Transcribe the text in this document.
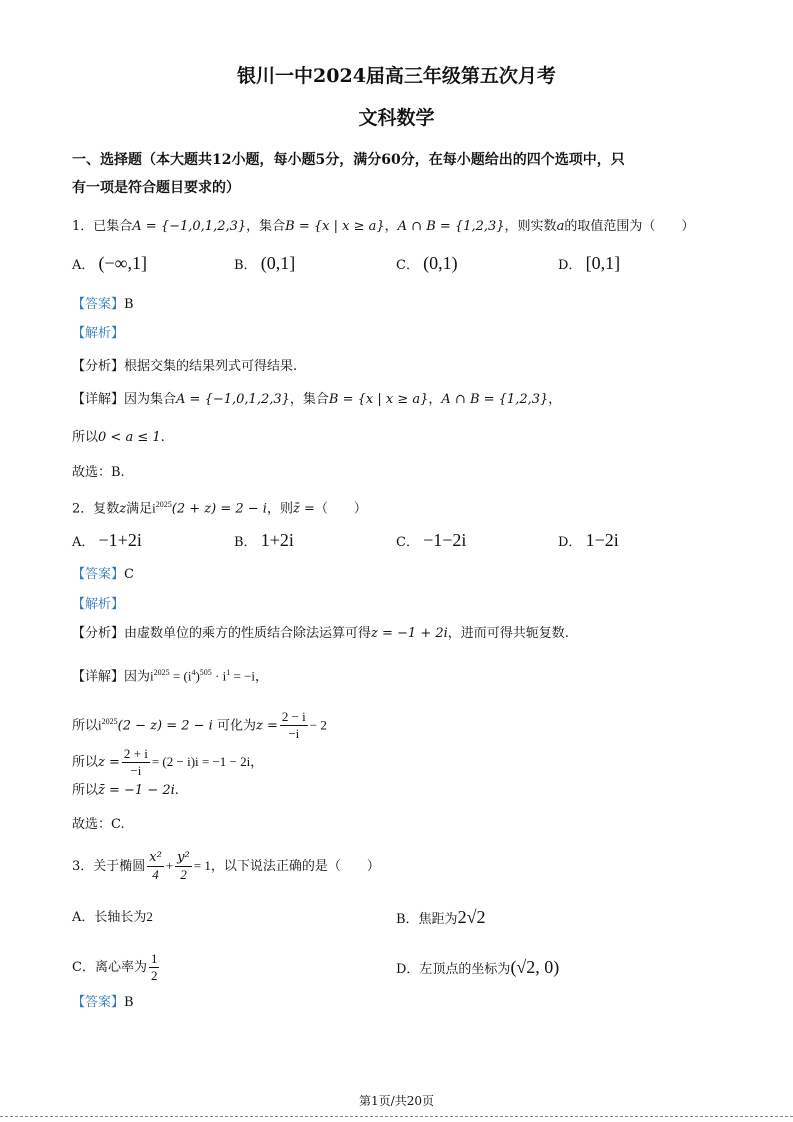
银川一中2024届高三年级第五次月考
文科数学
一、选择题（本大题共12小题，每小题5分，满分60分，在每小题给出的四个选项中，只
有一项是符合题目要求的）
1．已集合A = {−1,0,1,2,3}，集合B = {x | x ≥ a}，A ∩ B = {1,2,3}，则实数a的取值范围为（　　）
A． (−∞,1]	B． (0,1]	C． (0,1)	D． [0,1]
【答案】B
【解析】
【分析】根据交集的结果列式可得结果.
【详解】因为集合A = {−1,0,1,2,3}，集合B = {x | x ≥ a}，A ∩ B = {1,2,3}，
所以0 < a ≤ 1.
故选：B.
2．复数z满足$i^{2025}(2 + z) = 2 - i$，则z̄ =（　　）
A． −1+2i	B． 1+2i	C． −1−2i	D． 1−2i
【答案】C
【解析】
【分析】由虚数单位的乘方的性质结合除法运算可得z = −1 + 2i，进而可得共轭复数.
【详解】因为$i^{2025} = (i^4)^{505} \cdot i^1 = -i$，
所以$i^{2025}(2 - z) = 2 - i$ 可化为$z = \frac{2 - i}{-i} - 2$
所以$z = \frac{2 + i}{-i} = (2 - i)i = -1 - 2i$，
所以z̄ = −1 − 2i.
故选：C.
3．关于椭圆 $\frac{\text{x²}}{4} + \frac{\text{y²}}{2} = 1$，以下说法正确的是（　　）
A．长轴长为2	B．焦距为2√2
C．离心率为 $\frac{1}{2}$	D．左顶点的坐标为(√2, 0)
【答案】B
第1页/共20页
